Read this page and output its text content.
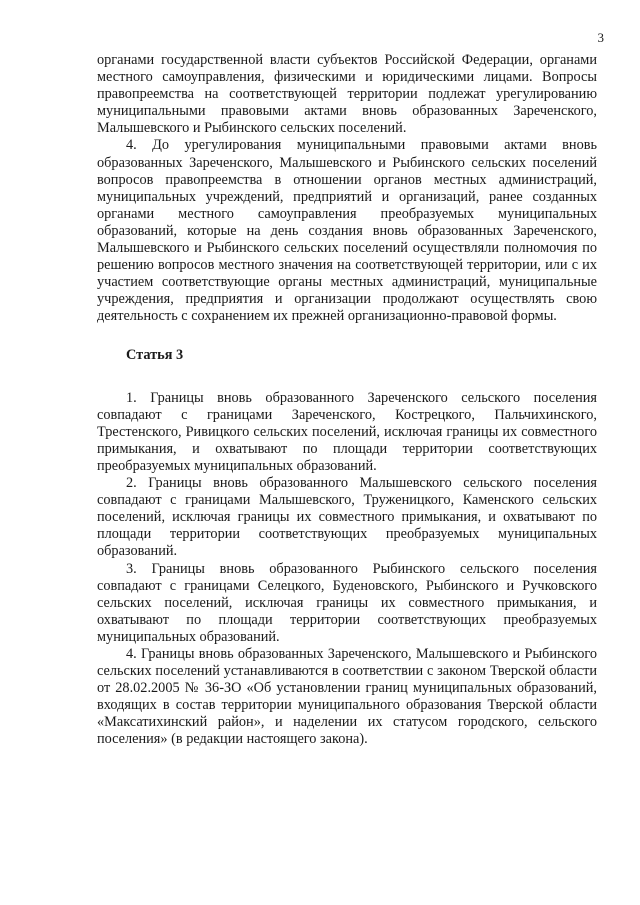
3

органами государственной власти субъектов Российской Федерации, органами местного самоуправления, физическими и юридическими лицами. Вопросы правопреемства на соответствующей территории подлежат урегулированию муниципальными правовыми актами вновь образованных Зареченского, Малышевского и Рыбинского сельских поселений.

4. До урегулирования муниципальными правовыми актами вновь образованных Зареченского, Малышевского и Рыбинского сельских поселений вопросов правопреемства в отношении органов местных администраций, муниципальных учреждений, предприятий и организаций, ранее созданных органами местного самоуправления преобразуемых муниципальных образований, которые на день создания вновь образованных Зареченского, Малышевского и Рыбинского сельских поселений осуществляли полномочия по решению вопросов местного значения на соответствующей территории, или с их участием соответствующие органы местных администраций, муниципальные учреждения, предприятия и организации продолжают осуществлять свою деятельность с сохранением их прежней организационно-правовой формы.

Статья 3

1. Границы вновь образованного Зареченского сельского поселения совпадают с границами Зареченского, Кострецкого, Пальчихинского, Трестенского, Ривицкого сельских поселений, исключая границы их совместного примыкания, и охватывают по площади территории соответствующих преобразуемых муниципальных образований.

2. Границы вновь образованного Малышевского сельского поселения совпадают с границами Малышевского, Труженицкого, Каменского сельских поселений, исключая границы их совместного примыкания, и охватывают по площади территории соответствующих преобразуемых муниципальных образований.

3. Границы вновь образованного Рыбинского сельского поселения совпадают с границами Селецкого, Буденовского, Рыбинского и Ручковского сельских поселений, исключая границы их совместного примыкания, и охватывают по площади территории соответствующих преобразуемых муниципальных образований.

4. Границы вновь образованных Зареченского, Малышевского и Рыбинского сельских поселений устанавливаются в соответствии с законом Тверской области от 28.02.2005 № 36-ЗО «Об установлении границ муниципальных образований, входящих в состав территории муниципального образования Тверской области «Максатихинский район», и наделении их статусом городского, сельского поселения» (в редакции настоящего закона).
